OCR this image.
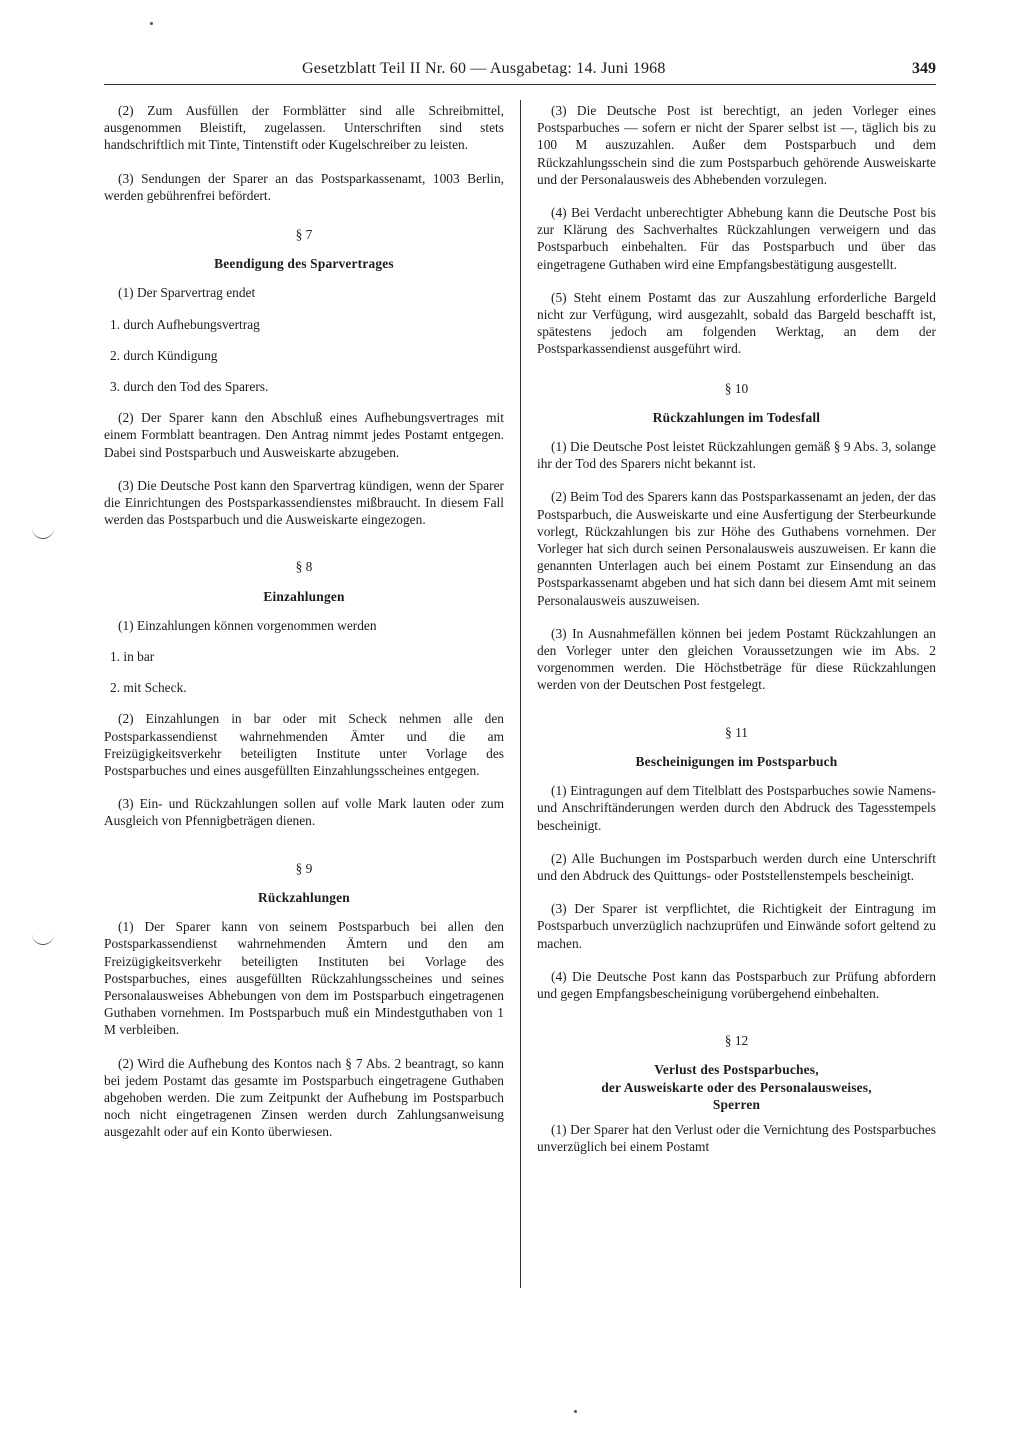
Gesetzblatt Teil II Nr. 60 — Ausgabetag: 14. Juni 1968	349

(2) Zum Ausfüllen der Formblätter sind alle Schreibmittel, ausgenommen Bleistift, zugelassen. Unterschriften sind stets handschriftlich mit Tinte, Tintenstift oder Kugelschreiber zu leisten.

(3) Sendungen der Sparer an das Postsparkassenamt, 1003 Berlin, werden gebührenfrei befördert.

§ 7
Beendigung des Sparvertrages

(1) Der Sparvertrag endet

1. durch Aufhebungsvertrag

2. durch Kündigung

3. durch den Tod des Sparers.

(2) Der Sparer kann den Abschluß eines Aufhebungsvertrages mit einem Formblatt beantragen. Den Antrag nimmt jedes Postamt entgegen. Dabei sind Postsparbuch und Ausweiskarte abzugeben.

(3) Die Deutsche Post kann den Sparvertrag kündigen, wenn der Sparer die Einrichtungen des Postsparkassendienstes mißbraucht. In diesem Fall werden das Postsparbuch und die Ausweiskarte eingezogen.

§ 8
Einzahlungen

(1) Einzahlungen können vorgenommen werden

1. in bar

2. mit Scheck.

(2) Einzahlungen in bar oder mit Scheck nehmen alle den Postsparkassendienst wahrnehmenden Ämter und die am Freizügigkeitsverkehr beteiligten Institute unter Vorlage des Postsparbuches und eines ausgefüllten Einzahlungsscheines entgegen.

(3) Ein- und Rückzahlungen sollen auf volle Mark lauten oder zum Ausgleich von Pfennigbeträgen dienen.

§ 9
Rückzahlungen

(1) Der Sparer kann von seinem Postsparbuch bei allen den Postsparkassendienst wahrnehmenden Ämtern und den am Freizügigkeitsverkehr beteiligten Instituten bei Vorlage des Postsparbuches, eines ausgefüllten Rückzahlungsscheines und seines Personalausweises Abhebungen von dem im Postsparbuch eingetragenen Guthaben vornehmen. Im Postsparbuch muß ein Mindestguthaben von 1 M verbleiben.

(2) Wird die Aufhebung des Kontos nach § 7 Abs. 2 beantragt, so kann bei jedem Postamt das gesamte im Postsparbuch eingetragene Guthaben abgehoben werden. Die zum Zeitpunkt der Aufhebung im Postsparbuch noch nicht eingetragenen Zinsen werden durch Zahlungsanweisung ausgezahlt oder auf ein Konto überwiesen.

(3) Die Deutsche Post ist berechtigt, an jeden Vorleger eines Postsparbuches — sofern er nicht der Sparer selbst ist —, täglich bis zu 100 M auszuzahlen. Außer dem Postsparbuch und dem Rückzahlungsschein sind die zum Postsparbuch gehörende Ausweiskarte und der Personalausweis des Abhebenden vorzulegen.

(4) Bei Verdacht unberechtigter Abhebung kann die Deutsche Post bis zur Klärung des Sachverhaltes Rückzahlungen verweigern und das Postsparbuch einbehalten. Für das Postsparbuch und über das eingetragene Guthaben wird eine Empfangsbestätigung ausgestellt.

(5) Steht einem Postamt das zur Auszahlung erforderliche Bargeld nicht zur Verfügung, wird ausgezahlt, sobald das Bargeld beschafft ist, spätestens jedoch am folgenden Werktag, an dem der Postsparkassendienst ausgeführt wird.

§ 10
Rückzahlungen im Todesfall

(1) Die Deutsche Post leistet Rückzahlungen gemäß § 9 Abs. 3, solange ihr der Tod des Sparers nicht bekannt ist.

(2) Beim Tod des Sparers kann das Postsparkassenamt an jeden, der das Postsparbuch, die Ausweiskarte und eine Ausfertigung der Sterbeurkunde vorlegt, Rückzahlungen bis zur Höhe des Guthabens vornehmen. Der Vorleger hat sich durch seinen Personalausweis auszuweisen. Er kann die genannten Unterlagen auch bei einem Postamt zur Einsendung an das Postsparkassenamt abgeben und hat sich dann bei diesem Amt mit seinem Personalausweis auszuweisen.

(3) In Ausnahmefällen können bei jedem Postamt Rückzahlungen an den Vorleger unter den gleichen Voraussetzungen wie im Abs. 2 vorgenommen werden. Die Höchstbeträge für diese Rückzahlungen werden von der Deutschen Post festgelegt.

§ 11
Bescheinigungen im Postsparbuch

(1) Eintragungen auf dem Titelblatt des Postsparbuches sowie Namens- und Anschriftänderungen werden durch den Abdruck des Tagesstempels bescheinigt.

(2) Alle Buchungen im Postsparbuch werden durch eine Unterschrift und den Abdruck des Quittungs- oder Poststellenstempels bescheinigt.

(3) Der Sparer ist verpflichtet, die Richtigkeit der Eintragung im Postsparbuch unverzüglich nachzuprüfen und Einwände sofort geltend zu machen.

(4) Die Deutsche Post kann das Postsparbuch zur Prüfung abfordern und gegen Empfangsbescheinigung vorübergehend einbehalten.

§ 12
Verlust des Postsparbuches,
der Ausweiskarte oder des Personalausweises,
Sperren

(1) Der Sparer hat den Verlust oder die Vernichtung des Postsparbuches unverzüglich bei einem Postamt
